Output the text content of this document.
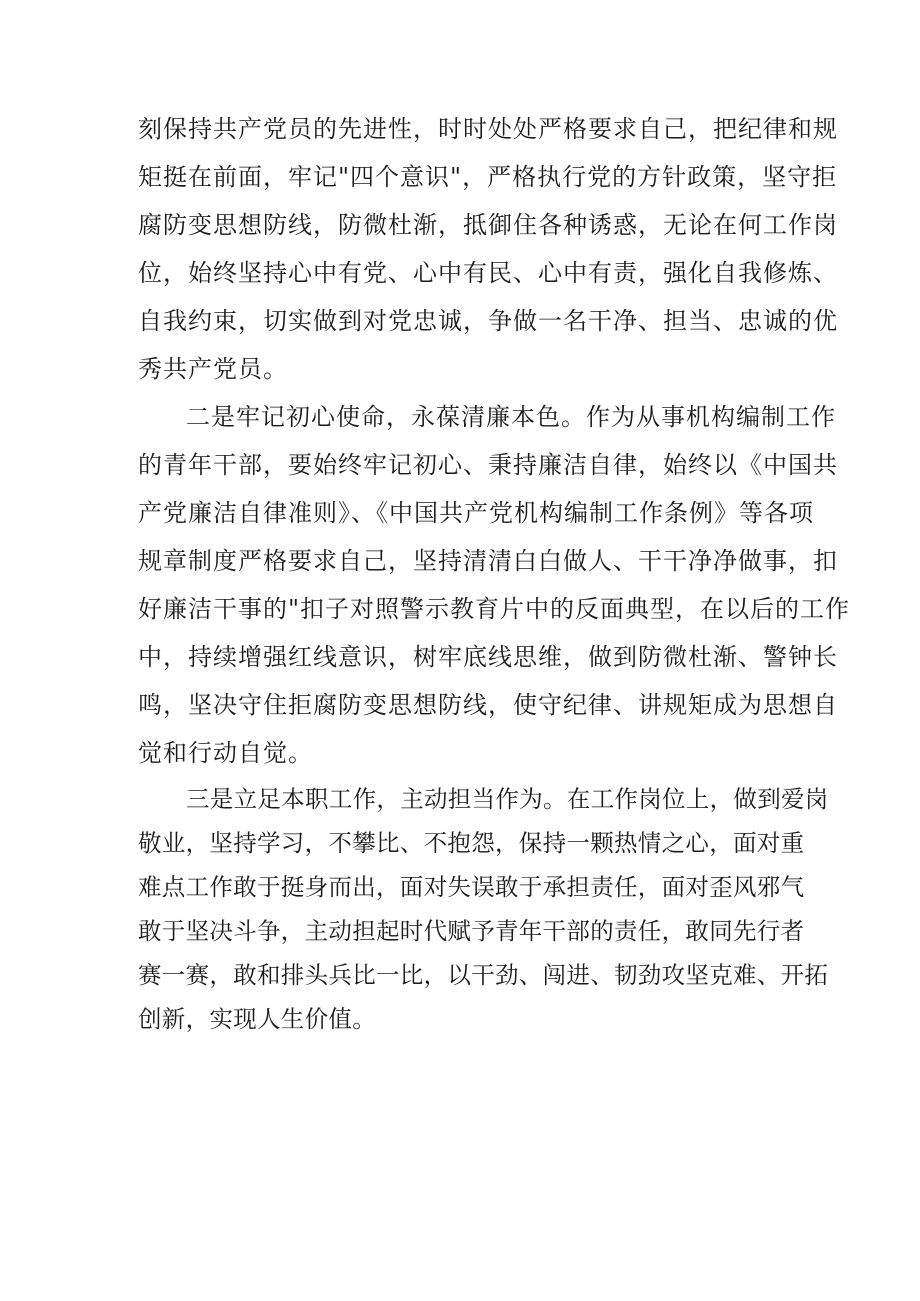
刻保持共产党员的先进性，时时处处严格要求自己，把纪律和规
矩挺在前面，牢记"四个意识"，严格执行党的方针政策，坚守拒
腐防变思想防线，防微杜渐，抵御住各种诱惑，无论在何工作岗
位，始终坚持心中有党、心中有民、心中有责，强化自我修炼、
自我约束，切实做到对党忠诚，争做一名干净、担当、忠诚的优
秀共产党员。
二是牢记初心使命，永葆清廉本色。作为从事机构编制工作
的青年干部，要始终牢记初心、秉持廉洁自律，始终以《中国共
产党廉洁自律准则》、《中国共产党机构编制工作条例》等各项
规章制度严格要求自己，坚持清清白白做人、干干净净做事，扣
好廉洁干事的"扣子对照警示教育片中的反面典型，在以后的工作
中，持续增强红线意识，树牢底线思维，做到防微杜渐、警钟长
鸣，坚决守住拒腐防变思想防线，使守纪律、讲规矩成为思想自
觉和行动自觉。
三是立足本职工作，主动担当作为。在工作岗位上，做到爱岗
敬业，坚持学习，不攀比、不抱怨，保持一颗热情之心，面对重
难点工作敢于挺身而出，面对失误敢于承担责任，面对歪风邪气
敢于坚决斗争，主动担起时代赋予青年干部的责任，敢同先行者
赛一赛，敢和排头兵比一比，以干劲、闯进、韧劲攻坚克难、开拓
创新，实现人生价值。
